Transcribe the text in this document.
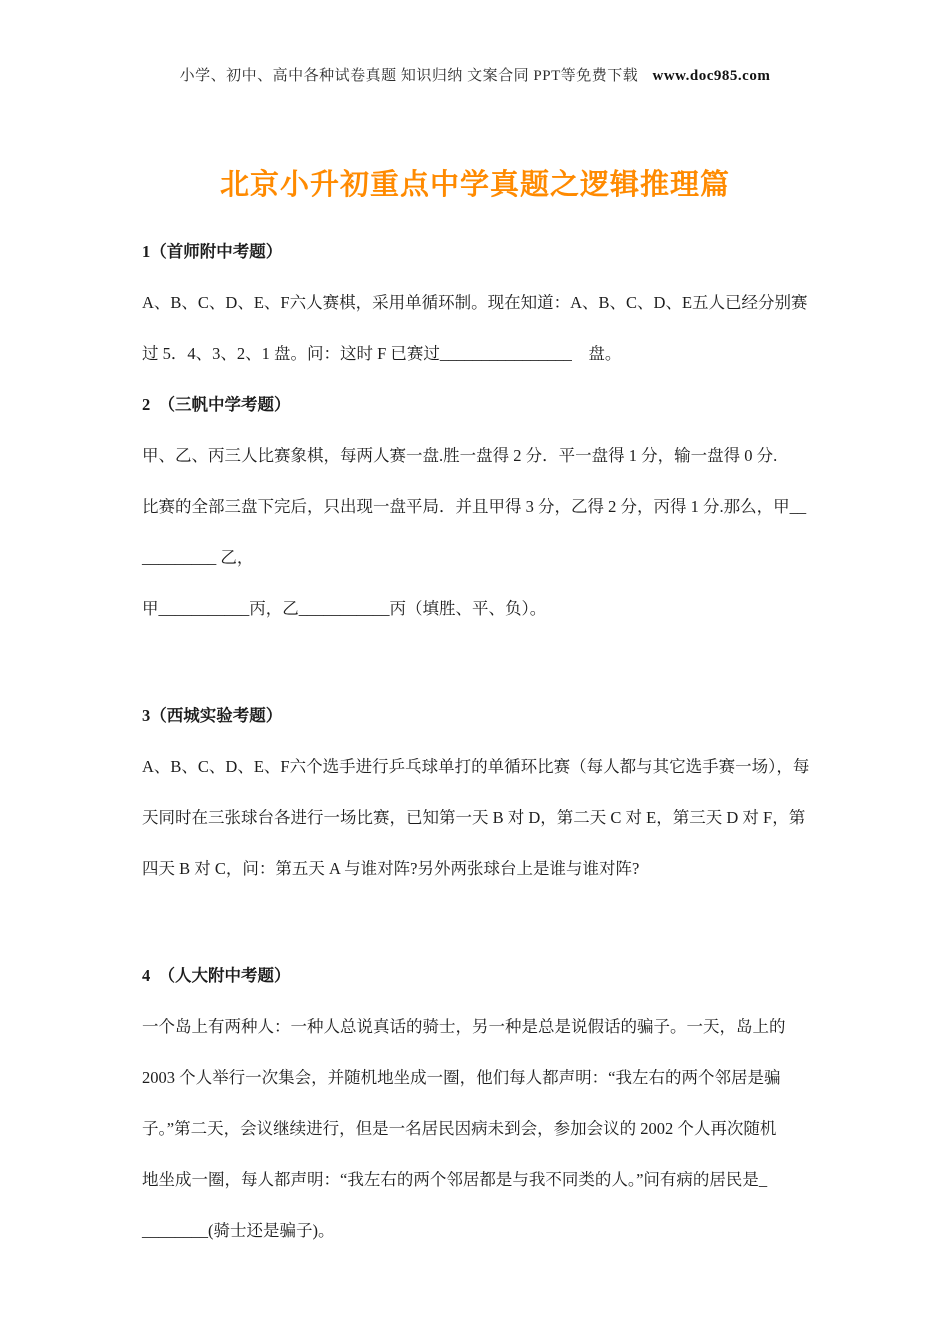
小学、初中、高中各种试卷真题 知识归纳 文案合同 PPT等免费下载 www.doc985.com
北京小升初重点中学真题之逻辑推理篇
1（首师附中考题）
A、B、C、D、E、F六人赛棋，采用单循环制。现在知道：A、B、C、D、E五人已经分别赛
过 5．4、3、2、1 盘。问：这时 F 已赛过________________　盘。
2　（三帆中学考题）
甲、乙、丙三人比赛象棋，每两人赛一盘.胜一盘得 2 分．平一盘得 1 分，输一盘得 0 分.
比赛的全部三盘下完后，只出现一盘平局．并且甲得 3 分，乙得 2 分，丙得 1 分.那么，甲__
_________ 乙，
甲___________丙，乙___________丙（填胜、平、负）。
3（西城实验考题）
A、B、C、D、E、F六个选手进行乒乓球单打的单循环比赛（每人都与其它选手赛一场），每
天同时在三张球台各进行一场比赛，已知第一天 B 对 D，第二天 C 对 E，第三天 D 对 F，第
四天 B 对 C，问：第五天 A 与谁对阵?另外两张球台上是谁与谁对阵?
4　（人大附中考题）
一个岛上有两种人：一种人总说真话的骑士，另一种是总是说假话的骗子。一天，岛上的
2003 个人举行一次集会，并随机地坐成一圈，他们每人都声明：“我左右的两个邻居是骗
子。”第二天，会议继续进行，但是一名居民因病未到会，参加会议的 2002 个人再次随机
地坐成一圈，每人都声明：“我左右的两个邻居都是与我不同类的人。”问有病的居民是_
________(骑士还是骗子)。
